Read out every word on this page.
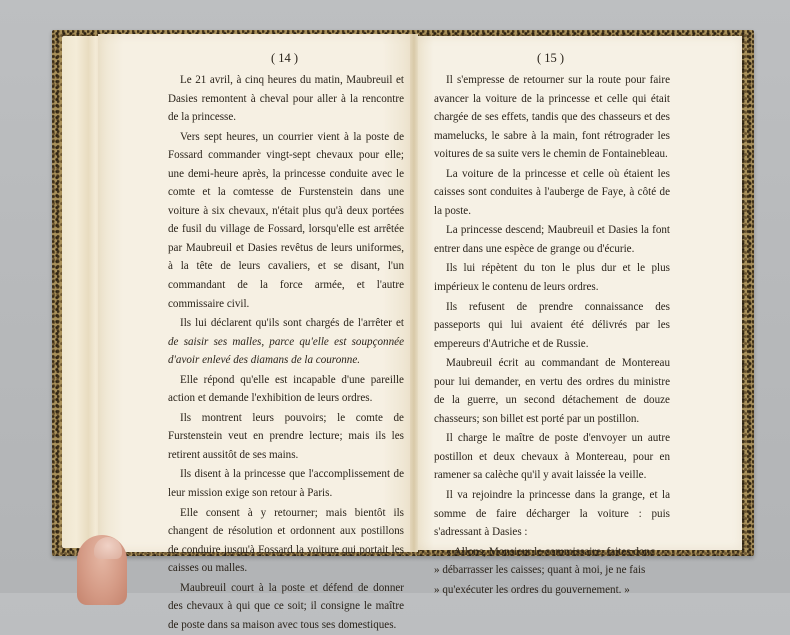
( 14 )	( 15 )

Le 21 avril, à cinq heures du matin, Maubreuil et Dasies remontent à cheval pour aller à la rencontre de la princesse.

Vers sept heures, un courrier vient à la poste de Fossard commander vingt-sept chevaux pour elle; une demi-heure après, la princesse conduite avec le comte et la comtesse de Furstenstein dans une voiture à six chevaux, n'était plus qu'à deux portées de fusil du village de Fossard, lorsqu'elle est arrêtée par Maubreuil et Dasies revêtus de leurs uniformes, à la tête de leurs cavaliers, et se disant, l'un commandant de la force armée, et l'autre commissaire civil.

Ils lui déclarent qu'ils sont chargés de l'arrêter et de saisir ses malles, parce qu'elle est soupçonnée d'avoir enlevé des diamans de la couronne.

Elle répond qu'elle est incapable d'une pareille action et demande l'exhibition de leurs ordres.

Ils montrent leurs pouvoirs; le comte de Furstenstein veut en prendre lecture; mais ils les retirent aussitôt de ses mains.

Ils disent à la princesse que l'accomplissement de leur mission exige son retour à Paris.

Elle consent à y retourner; mais bientôt ils changent de résolution et ordonnent aux postillons de conduire jusqu'à Fossard la voiture qui portait les caisses ou malles.

Maubreuil court à la poste et défend de donner des chevaux à qui que ce soit; il consigne le maître de poste dans sa maison avec tous ses domestiques.

Il s'empresse de retourner sur la route pour faire avancer la voiture de la princesse et celle qui était chargée de ses effets, tandis que des chasseurs et des mamelucks, le sabre à la main, font rétrograder les voitures de sa suite vers le chemin de Fontainebleau.

La voiture de la princesse et celle où étaient les caisses sont conduites à l'auberge de Faye, à côté de la poste.

La princesse descend; Maubreuil et Dasies la font entrer dans une espèce de grange ou d'écurie.

Ils lui répètent du ton le plus dur et le plus impérieux le contenu de leurs ordres.

Ils refusent de prendre connaissance des passeports qui lui avaient été délivrés par les empereurs d'Autriche et de Russie.

Maubreuil écrit au commandant de Montereau pour lui demander, en vertu des ordres du ministre de la guerre, un second détachement de douze chasseurs; son billet est porté par un postillon.

Il charge le maître de poste d'envoyer un autre postillon et deux chevaux à Montereau, pour en ramener sa calèche qu'il y avait laissée la veille.

Il va rejoindre la princesse dans la grange, et la somme de faire décharger la voiture : puis s'adressant à Dasies :

« Allons, Monsieur le commissaire, faites donc

» débarrasser les caisses; quant à moi, je ne fais

» qu'exécuter les ordres du gouvernement. »
